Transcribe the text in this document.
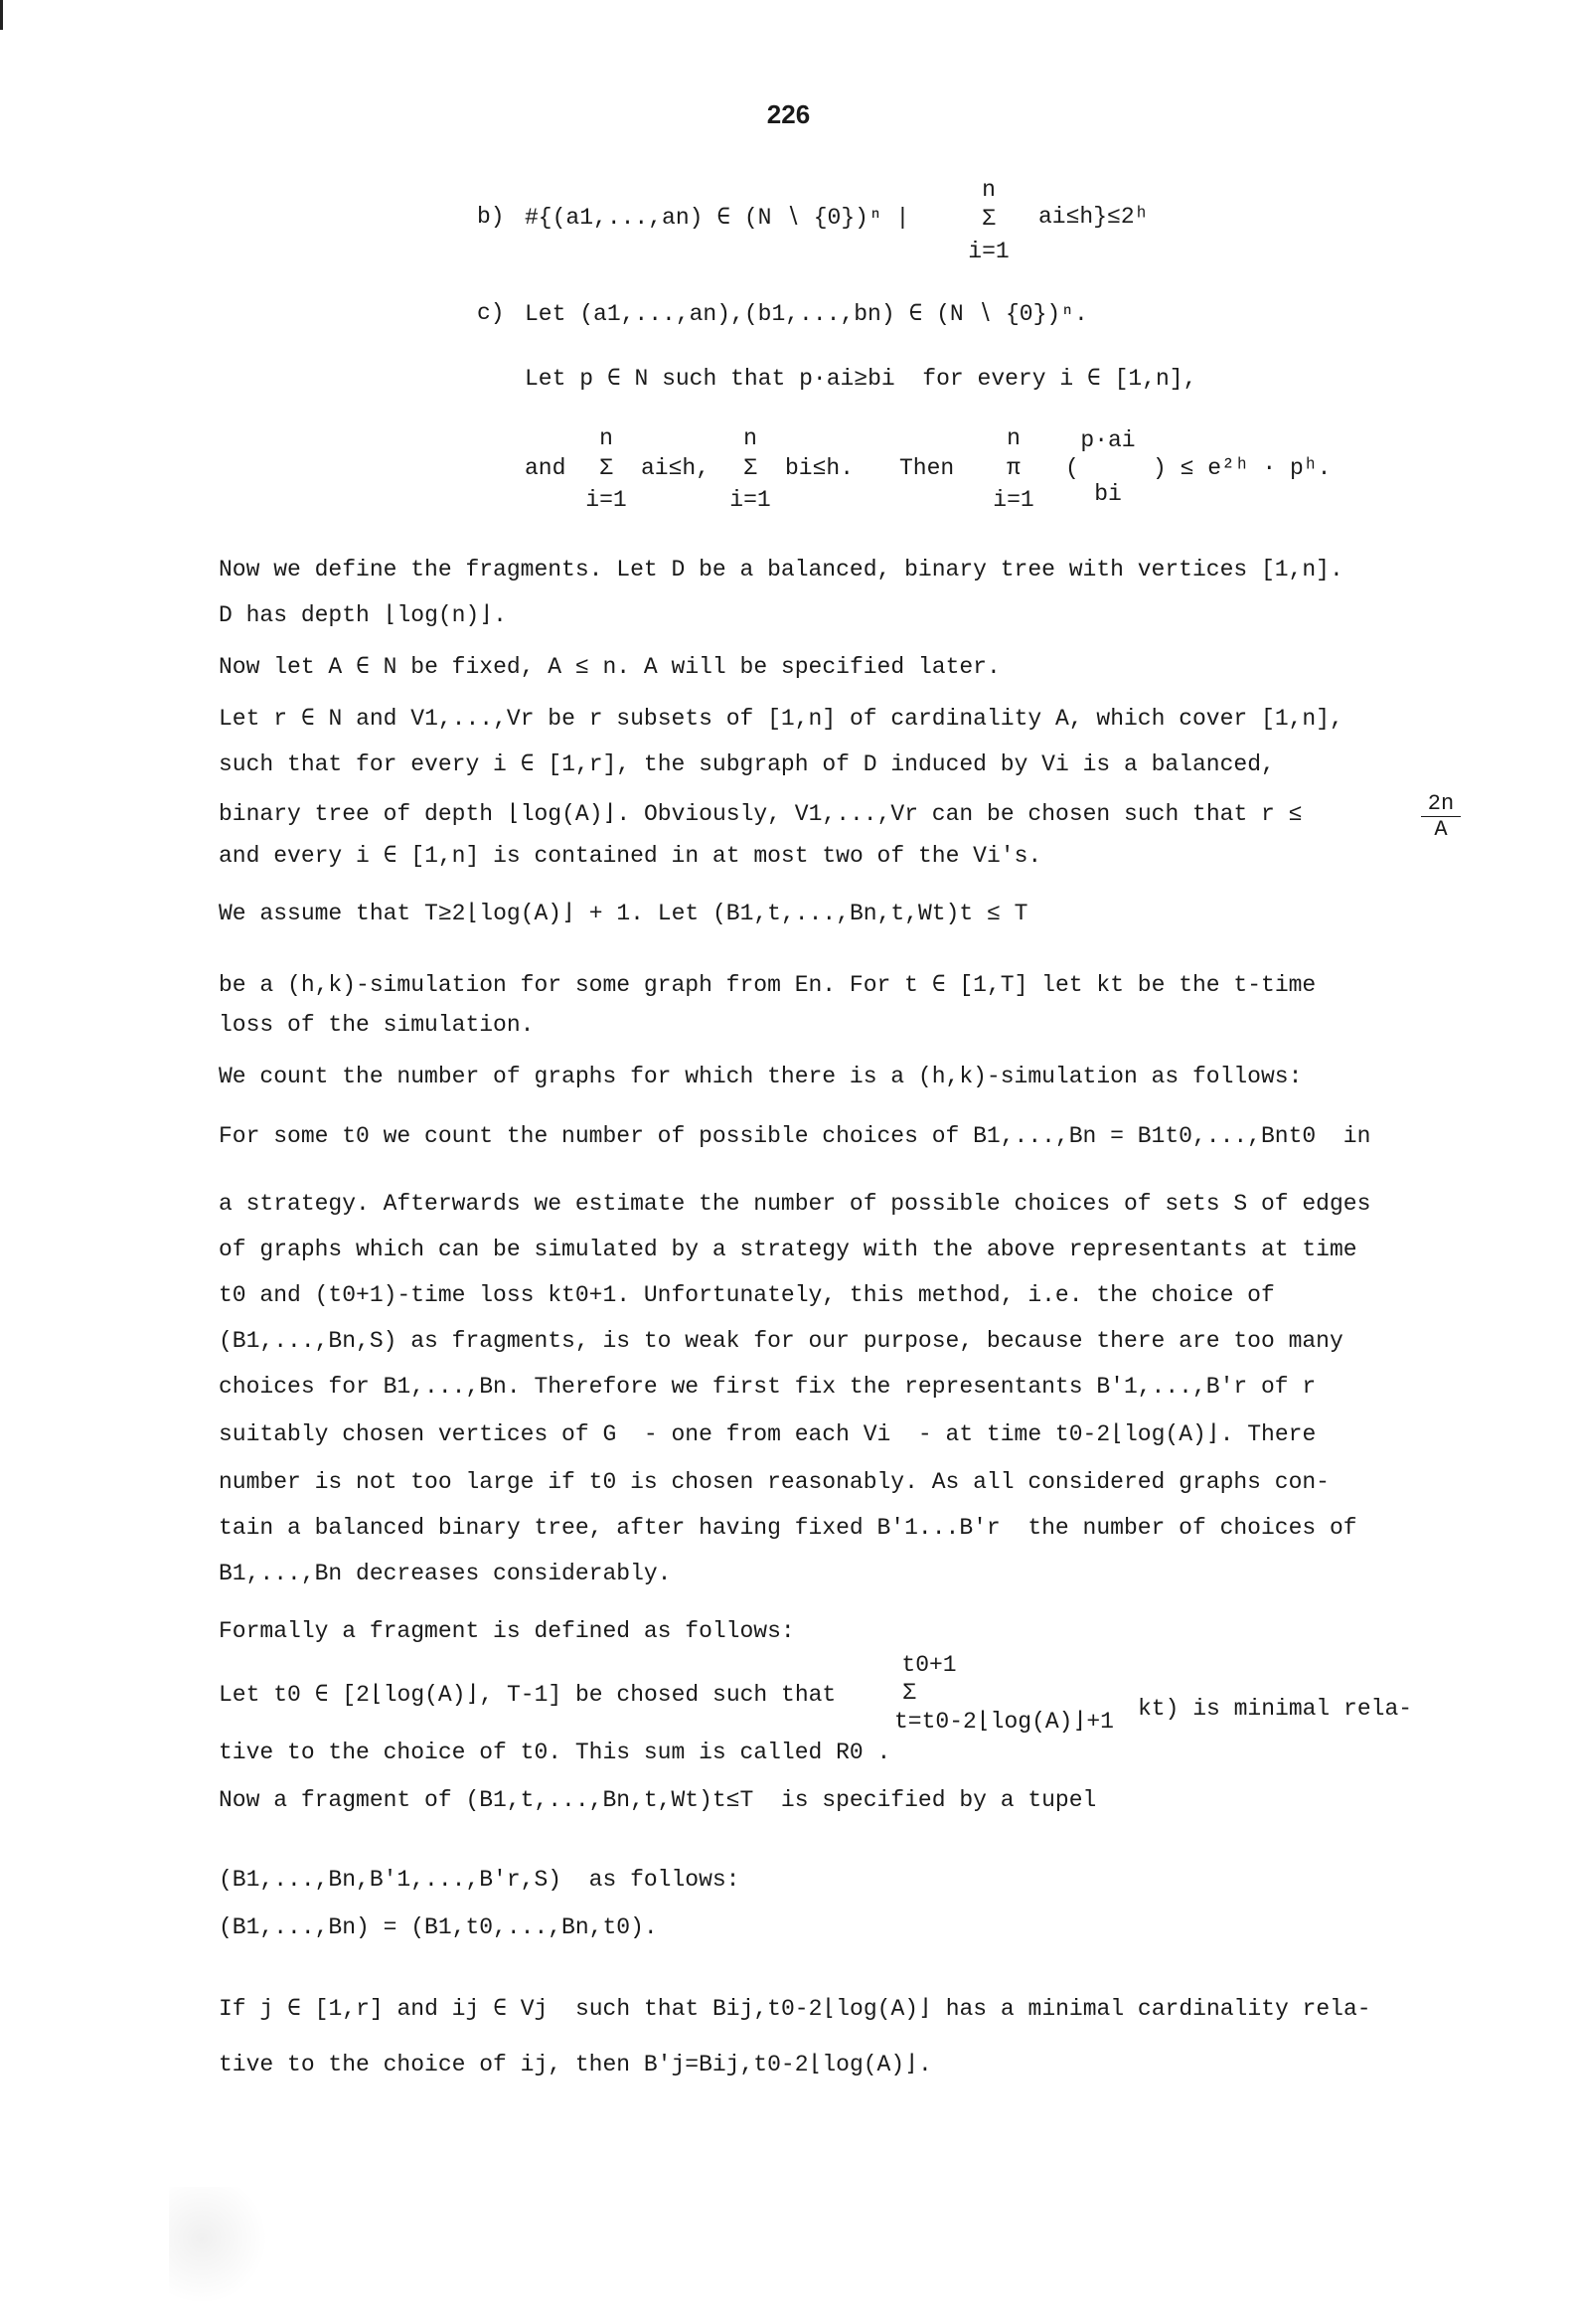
226
b) #{(a1,...,an) ∈ (N ∖ {0})ⁿ |
n
Σ
i=1
ai≤h}≤2ʰ
c) Let (a1,...,an),(b1,...,bn) ∈ (N ∖ {0})ⁿ.
Let p ∈ N such that p·ai≥bi  for every i ∈ [1,n],
and
n
Σ
i=1
ai≤h,
n
Σ
i=1
bi≤h. Then
n
π
i=1
(
p·ai
bi
) ≤ e²ʰ · pʰ.
Now we define the fragments. Let D be a balanced, binary tree with vertices [1,n].
D has depth ⌊log(n)⌋.
Now let A ∈ N be fixed, A ≤ n. A will be specified later.
Let r ∈ N and V1,...,Vr be r subsets of [1,n] of cardinality A, which cover [1,n],
such that for every i ∈ [1,r], the subgraph of D induced by Vi is a balanced,
binary tree of depth ⌊log(A)⌋. Obviously, V1,...,Vr can be chosen such that r ≤	$\frac{2n}{A}$
and every i ∈ [1,n] is contained in at most two of the Vi's.
We assume that T≥2⌊log(A)⌋ + 1. Let (B1,t,...,Bn,t,Wt)t ≤ T
be a (h,k)-simulation for some graph from En. For t ∈ [1,T] let kt be the t-time
loss of the simulation.
We count the number of graphs for which there is a (h,k)-simulation as follows:
For some t0 we count the number of possible choices of B1,...,Bn = B1t0,...,Bnt0  in
a strategy. Afterwards we estimate the number of possible choices of sets S of edges
of graphs which can be simulated by a strategy with the above representants at time
t0 and (t0+1)-time loss kt0+1. Unfortunately, this method, i.e. the choice of
(B1,...,Bn,S) as fragments, is to weak for our purpose, because there are too many
choices for B1,...,Bn. Therefore we first fix the representants B'1,...,B'r of r
suitably chosen vertices of G  - one from each Vi  - at time t0-2⌊log(A)⌋. There
number is not too large if t0 is chosen reasonably. As all considered graphs con-
tain a balanced binary tree, after having fixed B'1...B'r  the number of choices of
B1,...,Bn decreases considerably.
Formally a fragment is defined as follows:
Let t0 ∈ [2⌊log(A)⌋, T-1] be chosed such that
t0+1
Σ
t=t0-2⌊log(A)⌋+1	kt) is minimal rela-
tive to the choice of t0. This sum is called R0 .
Now a fragment of (B1,t,...,Bn,t,Wt)t≤T  is specified by a tupel
(B1,...,Bn,B'1,...,B'r,S)  as follows:
(B1,...,Bn) = (B1,t0,...,Bn,t0).
If j ∈ [1,r] and ij ∈ Vj  such that Bij,t0-2⌊log(A)⌋ has a minimal cardinality rela-
tive to the choice of ij, then B'j=Bij,t0-2⌊log(A)⌋.
